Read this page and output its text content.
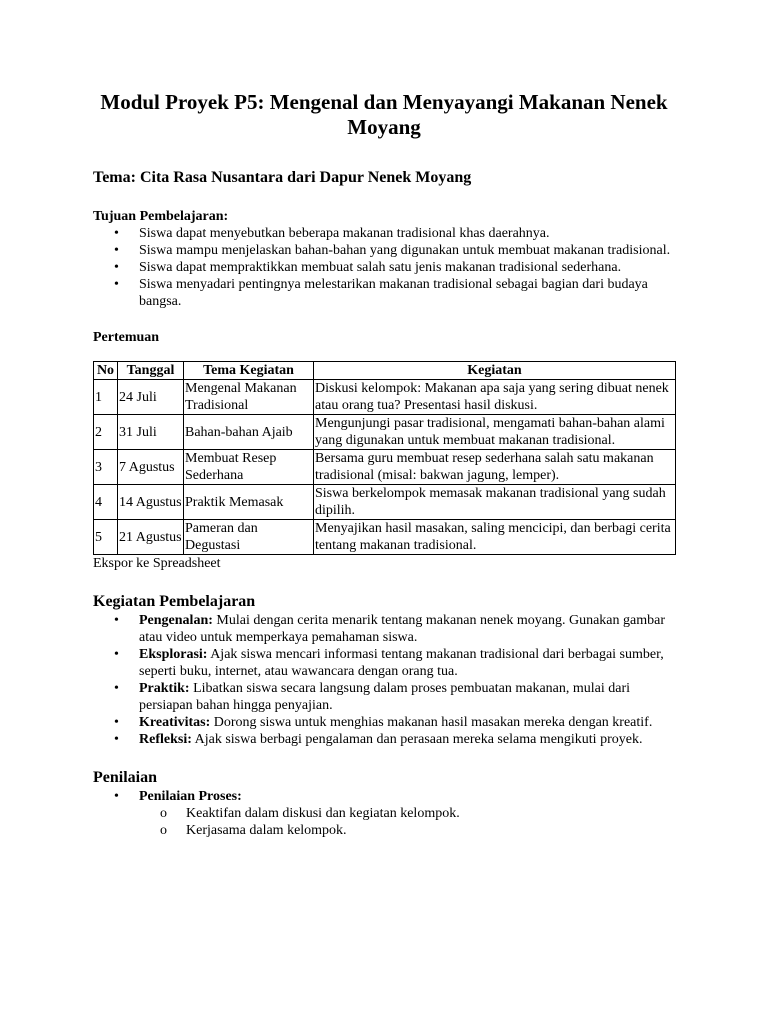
Modul Proyek P5: Mengenal dan Menyayangi Makanan Nenek Moyang
Tema: Cita Rasa Nusantara dari Dapur Nenek Moyang

Tujuan Pembelajaran:

• Siswa dapat menyebutkan beberapa makanan tradisional khas daerahnya.
• Siswa mampu menjelaskan bahan-bahan yang digunakan untuk membuat makanan tradisional.
• Siswa dapat mempraktikkan membuat salah satu jenis makanan tradisional sederhana.
• Siswa menyadari pentingnya melestarikan makanan tradisional sebagai bagian dari budaya bangsa.

Pertemuan

No	Tanggal	Tema Kegiatan	Kegiatan
1	24 Juli	Mengenal Makanan Tradisional	Diskusi kelompok: Makanan apa saja yang sering dibuat nenek atau orang tua? Presentasi hasil diskusi.
2	31 Juli	Bahan-bahan Ajaib	Mengunjungi pasar tradisional, mengamati bahan-bahan alami yang digunakan untuk membuat makanan tradisional.
3	7 Agustus	Membuat Resep Sederhana	Bersama guru membuat resep sederhana salah satu makanan tradisional (misal: bakwan jagung, lemper).
4	14 Agustus	Praktik Memasak	Siswa berkelompok memasak makanan tradisional yang sudah dipilih.
5	21 Agustus	Pameran dan Degustasi	Menyajikan hasil masakan, saling mencicipi, dan berbagi cerita tentang makanan tradisional.
Ekspor ke Spreadsheet
Kegiatan Pembelajaran
• Pengenalan: Mulai dengan cerita menarik tentang makanan nenek moyang. Gunakan gambar atau video untuk memperkaya pemahaman siswa.
• Eksplorasi: Ajak siswa mencari informasi tentang makanan tradisional dari berbagai sumber, seperti buku, internet, atau wawancara dengan orang tua.
• Praktik: Libatkan siswa secara langsung dalam proses pembuatan makanan, mulai dari persiapan bahan hingga penyajian.
• Kreativitas: Dorong siswa untuk menghias makanan hasil masakan mereka dengan kreatif.
• Refleksi: Ajak siswa berbagi pengalaman dan perasaan mereka selama mengikuti proyek.
Penilaian
• Penilaian Proses:
o Keaktifan dalam diskusi dan kegiatan kelompok.
o Kerjasama dalam kelompok.
